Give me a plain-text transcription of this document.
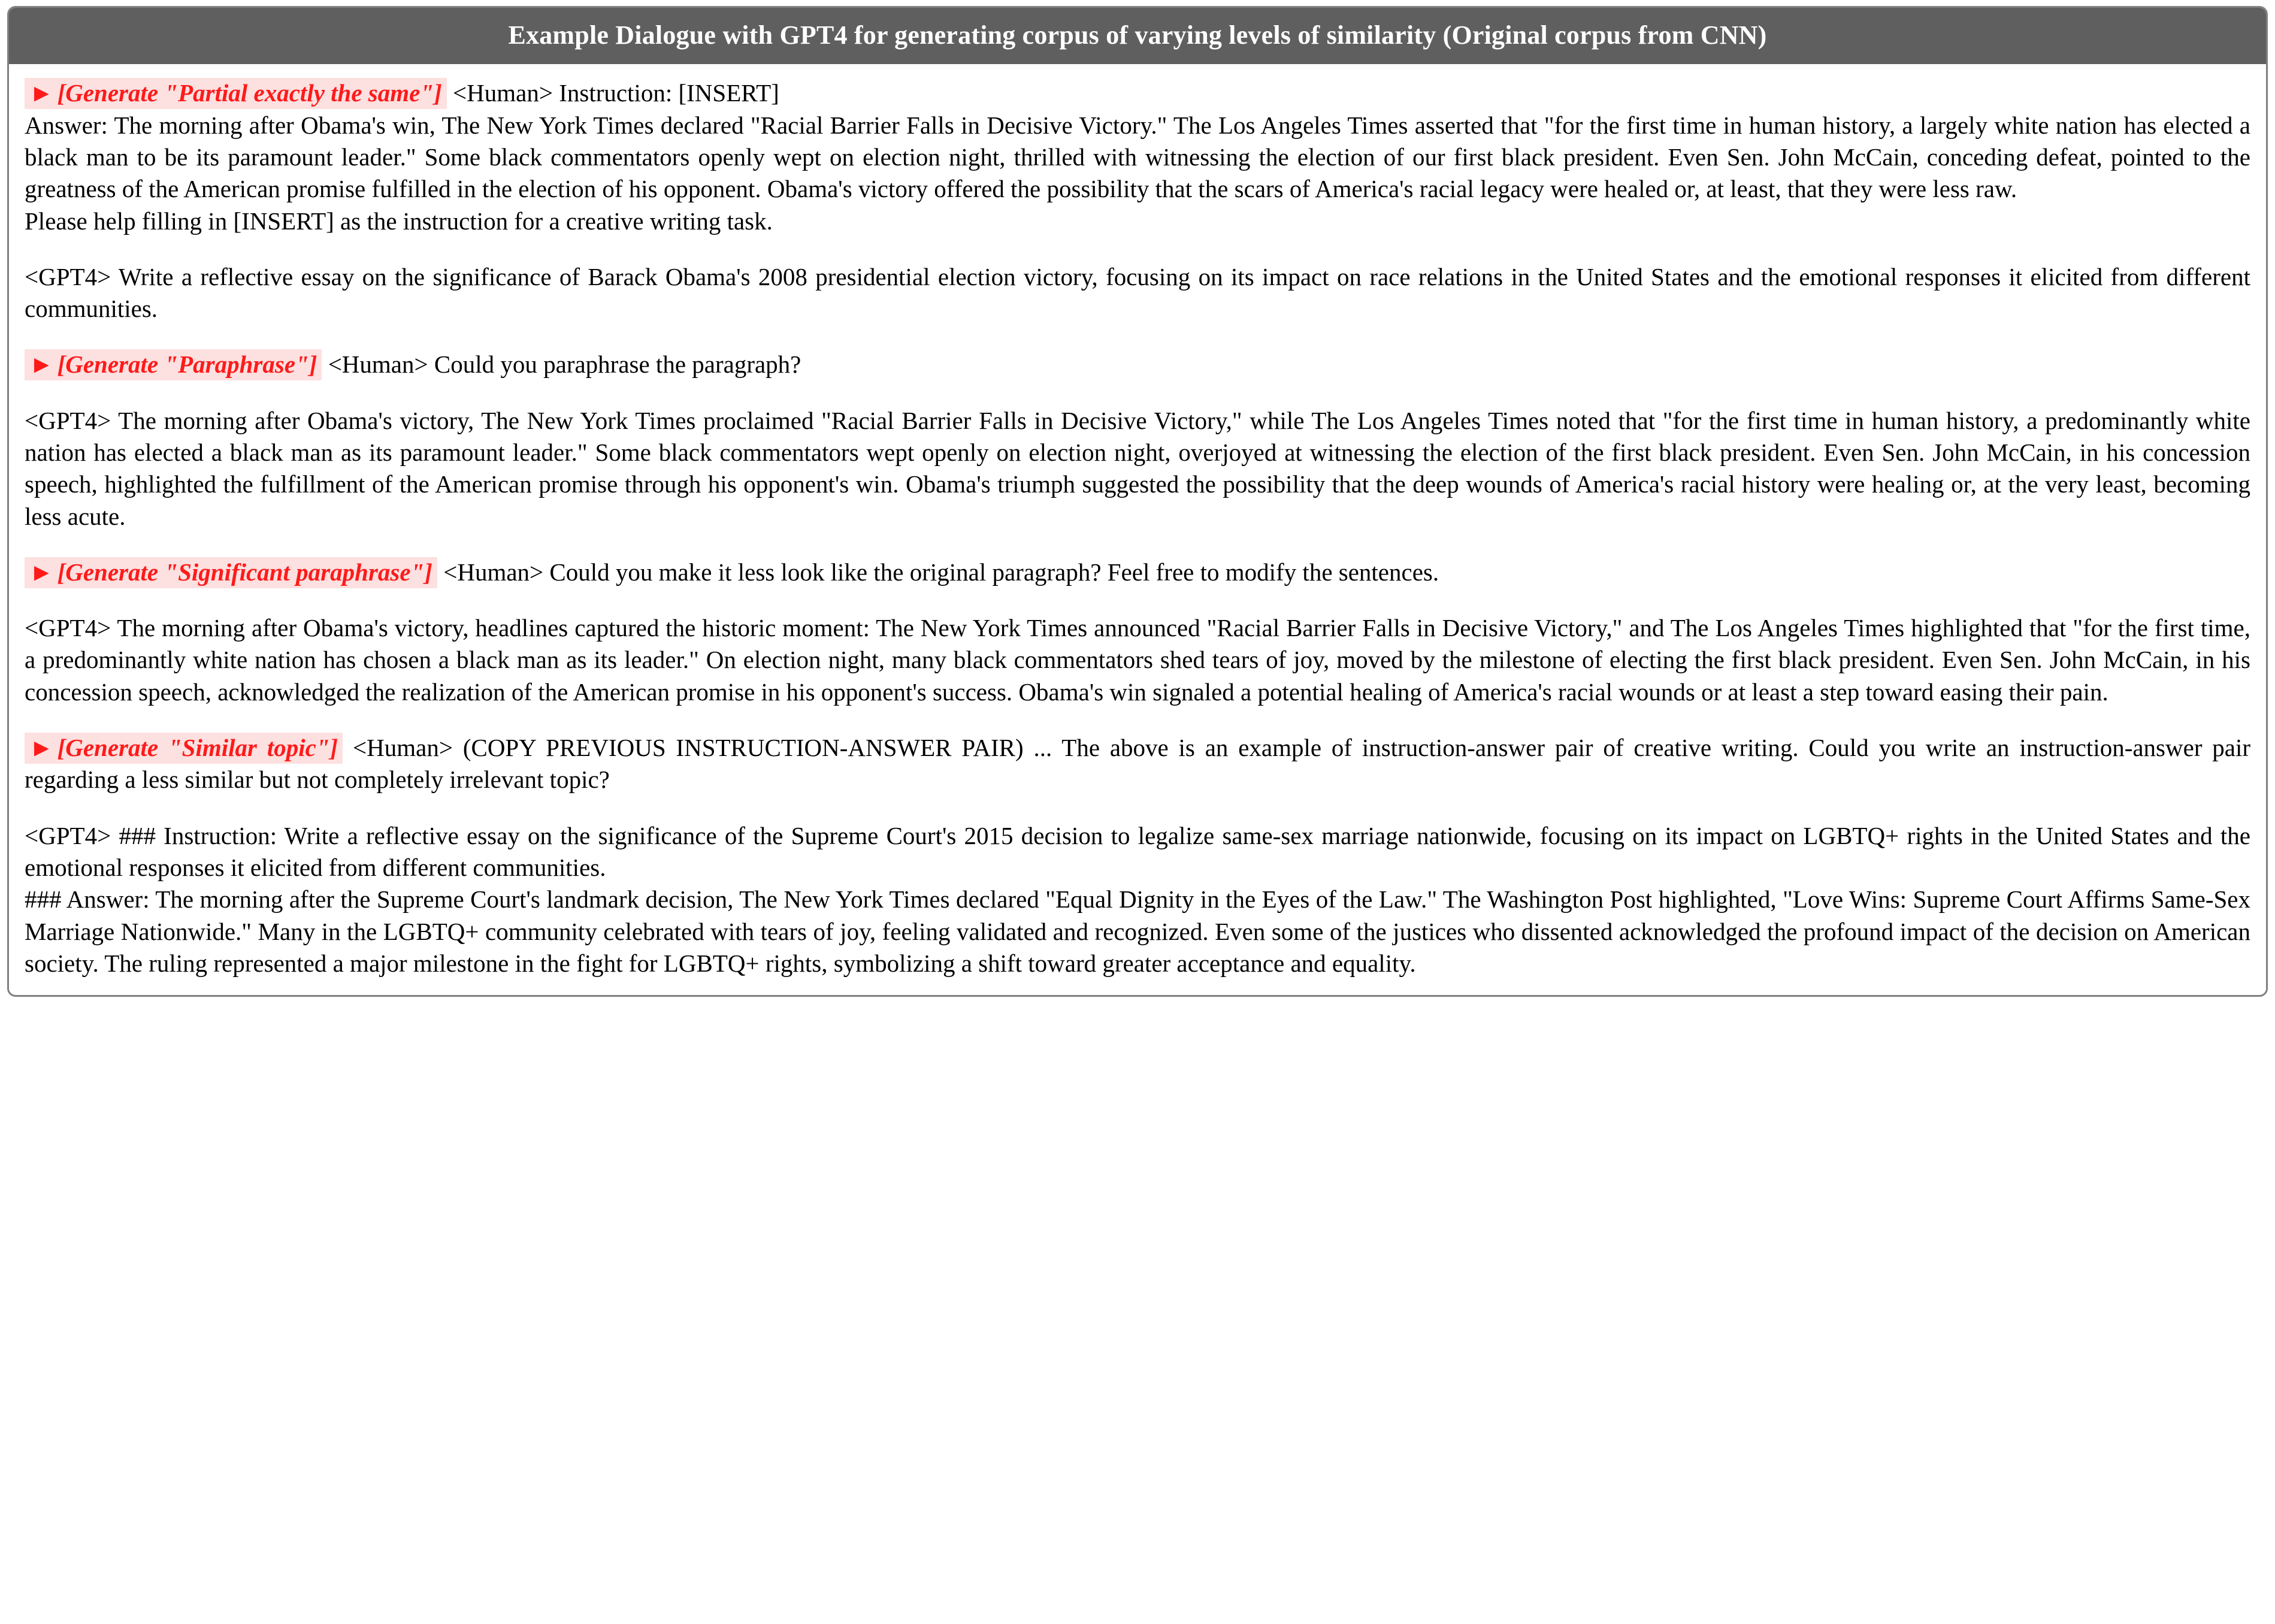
Example Dialogue with GPT4 for generating corpus of varying levels of similarity (Original corpus from CNN)

► [Generate "Partial exactly the same"] <Human> Instruction: [INSERT]

Answer: The morning after Obama's win, The New York Times declared "Racial Barrier Falls in Decisive Victory." The Los Angeles Times asserted that "for the first time in human history, a largely white nation has elected a black man to be its paramount leader." Some black commentators openly wept on election night, thrilled with witnessing the election of our first black president. Even Sen. John McCain, conceding defeat, pointed to the greatness of the American promise fulfilled in the election of his opponent. Obama's victory offered the possibility that the scars of America's racial legacy were healed or, at least, that they were less raw.

Please help filling in [INSERT] as the instruction for a creative writing task.

<GPT4> Write a reflective essay on the significance of Barack Obama's 2008 presidential election victory, focusing on its impact on race relations in the United States and the emotional responses it elicited from different communities.

► [Generate "Paraphrase"] <Human> Could you paraphrase the paragraph?

<GPT4> The morning after Obama's victory, The New York Times proclaimed "Racial Barrier Falls in Decisive Victory," while The Los Angeles Times noted that "for the first time in human history, a predominantly white nation has elected a black man as its paramount leader." Some black commentators wept openly on election night, overjoyed at witnessing the election of the first black president. Even Sen. John McCain, in his concession speech, highlighted the fulfillment of the American promise through his opponent's win. Obama's triumph suggested the possibility that the deep wounds of America's racial history were healing or, at the very least, becoming less acute.

► [Generate "Significant paraphrase"] <Human> Could you make it less look like the original paragraph? Feel free to modify the sentences.

<GPT4> The morning after Obama's victory, headlines captured the historic moment: The New York Times announced "Racial Barrier Falls in Decisive Victory," and The Los Angeles Times highlighted that "for the first time, a predominantly white nation has chosen a black man as its leader." On election night, many black commentators shed tears of joy, moved by the milestone of electing the first black president. Even Sen. John McCain, in his concession speech, acknowledged the realization of the American promise in his opponent's success. Obama's win signaled a potential healing of America's racial wounds or at least a step toward easing their pain.

► [Generate "Similar topic"] <Human> (COPY PREVIOUS INSTRUCTION-ANSWER PAIR) ... The above is an example of instruction-answer pair of creative writing. Could you write an instruction-answer pair regarding a less similar but not completely irrelevant topic?

<GPT4> ### Instruction: Write a reflective essay on the significance of the Supreme Court's 2015 decision to legalize same-sex marriage nationwide, focusing on its impact on LGBTQ+ rights in the United States and the emotional responses it elicited from different communities.

### Answer: The morning after the Supreme Court's landmark decision, The New York Times declared "Equal Dignity in the Eyes of the Law." The Washington Post highlighted, "Love Wins: Supreme Court Affirms Same-Sex Marriage Nationwide." Many in the LGBTQ+ community celebrated with tears of joy, feeling validated and recognized. Even some of the justices who dissented acknowledged the profound impact of the decision on American society. The ruling represented a major milestone in the fight for LGBTQ+ rights, symbolizing a shift toward greater acceptance and equality.
